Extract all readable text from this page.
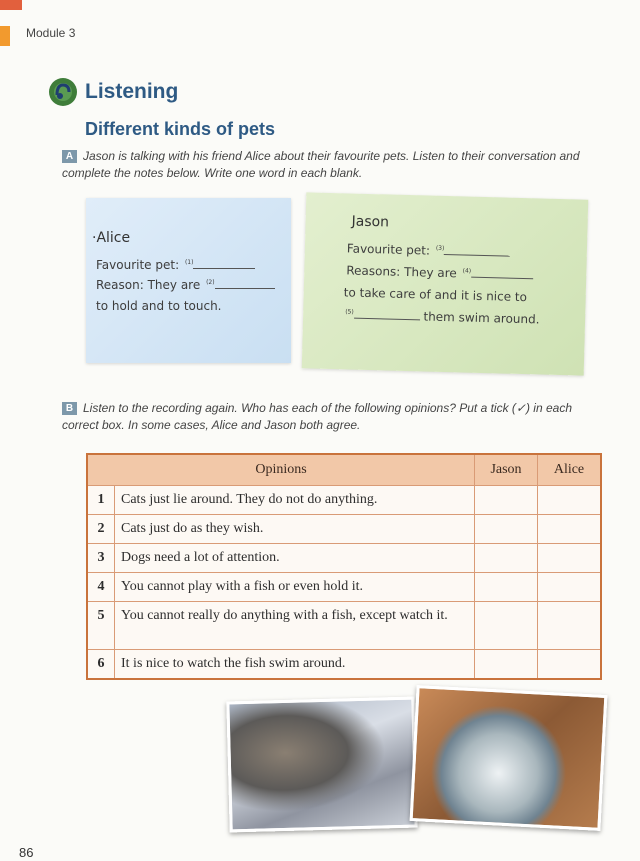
Module 3
Listening
Different kinds of pets
A Jason is talking with his friend Alice about their favourite pets. Listen to their conversation and complete the notes below. Write one word in each blank.
·Alice
Favourite pet: $^{(1)}$
Reason: They are $^{(2)}$
to hold and to touch.
Jason
Favourite pet: $^{(3)}$
Reasons: They are $^{(4)}$
to take care of and it is nice to
$^{(5)}$	them swim around.
B Listen to the recording again. Who has each of the following opinions? Put a tick (✓) in each correct box. In some cases, Alice and Jason both agree.
Opinions		Jason	Alice
1	Cats just lie around. They do not do anything.		
2	Cats just do as they wish.		
3	Dogs need a lot of attention.		
4	You cannot play with a fish or even hold it.		
5	You cannot really do anything with a fish, except watch it.		
6	It is nice to watch the fish swim around.		
86
